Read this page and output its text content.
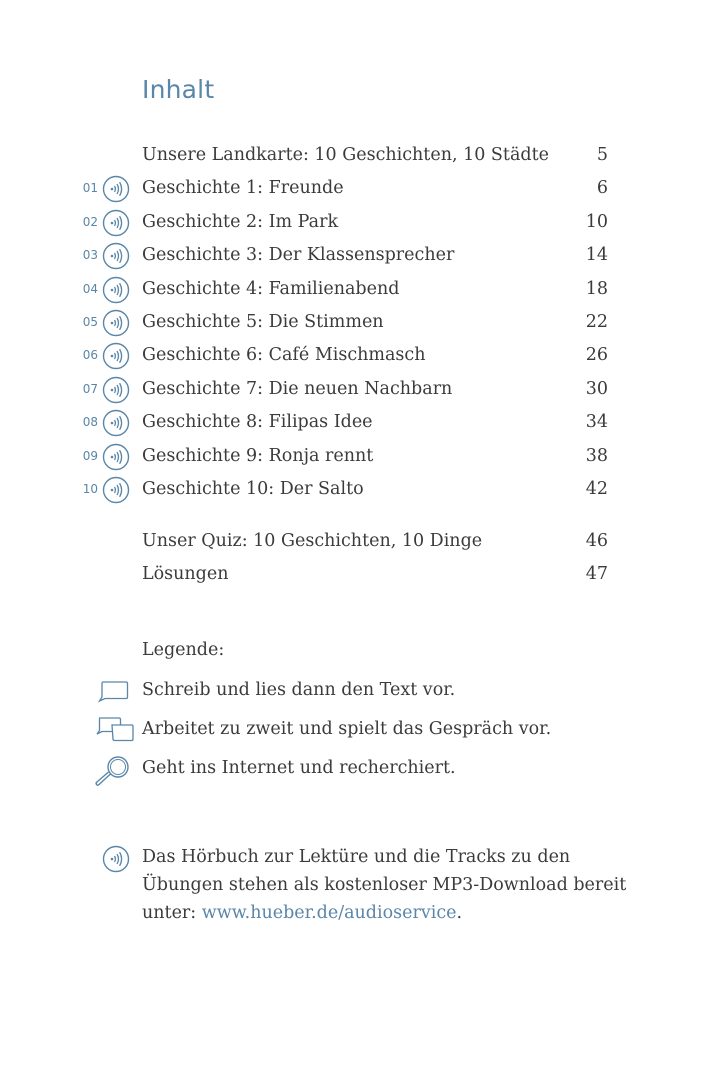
Inhalt
Unsere Landkarte: 10 Geschichten, 10 Städte	5
01	Geschichte 1: Freunde	6
02	Geschichte 2: Im Park	10
03	Geschichte 3: Der Klassensprecher	14
04	Geschichte 4: Familienabend	18
05	Geschichte 5: Die Stimmen	22
06	Geschichte 6: Café Mischmasch	26
07	Geschichte 7: Die neuen Nachbarn	30
08	Geschichte 8: Filipas Idee	34
09	Geschichte 9: Ronja rennt	38
10	Geschichte 10: Der Salto	42
Unser Quiz: 10 Geschichten, 10 Dinge	46
Lösungen	47
Legende:
Schreib und lies dann den Text vor.
Arbeitet zu zweit und spielt das Gespräch vor.
Geht ins Internet und recherchiert.
Das Hörbuch zur Lektüre und die Tracks zu den
Übungen stehen als kostenloser MP3-Download bereit
unter: www.hueber.de/audioservice.
